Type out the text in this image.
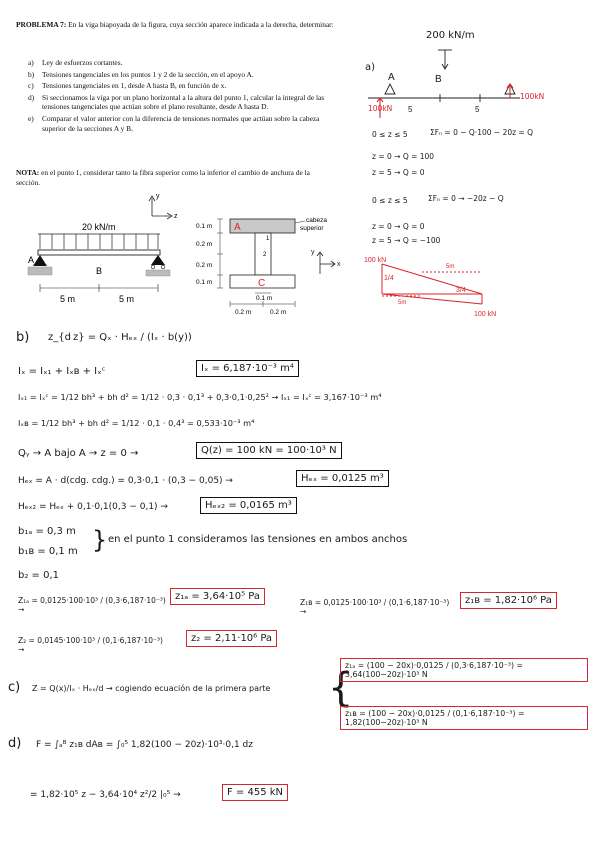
PROBLEMA 7: En la viga biapoyada de la figura, cuya sección aparece indicada a la derecha, determinar:
a)	Ley de esfuerzos cortantes.
b)	Tensiones tangenciales en los puntos 1 y 2 de la sección, en el apoyo A.
c)	Tensiones tangenciales en 1, desde A hasta B, en función de x.
d)	Si seccionamos la viga por un plano horizontal a la altura del punto 1, calcular la integral de las tensiones tangenciales que actúan sobre el plano resultante, desde A hasta D.
e)	Comparar el valor anterior con la diferencia de tensiones normales que actúan sobre la cabeza superior de la secciones A y B.
NOTA: en el punto 1, considerar tanto la fibra superior como la inferior el cambio de anchura de la sección.
y
z
20 kN/m
A
B
5 m	5 m
A
C
1
2
cabeza
superior
0.1 m
0.2 m
0.2 m
0.1 m
0.1 m
0.2 m	0.2 m
200 kN/m
a)
A	B
5	5
100kN
100kN
0 ≤ z ≤ 5	ΣFₙ = 0 − Q·100 − 20z = Q
z = 0 → Q = 100
z = 5 → Q = 0
0 ≤ z ≤ 5	ΣFₙ = 0 → −20z − Q
z = 0 → Q = 0
z = 5 → Q = −100
100 kN
100 kN
1/4
3/4
5m
5m
y
x
b) z_{d z} = Qₓ · Hₑₓ / (Iₓ · b(y))
Iₓ = Iₓ₁ + Iₓʙ + Iₓᶜ	Iₓ = 6,187·10⁻³ m⁴
Iₓ₁ = Iₓᶜ = 1/12 bh³ + bh d² = 1/12 · 0,3 · 0,1³ + 0,3·0,1·0,25² → Iₓ₁ = Iₓᶜ = 3,167·10⁻³ m⁴
Iₓʙ = 1/12 bh³ + bh d² = 1/12 · 0,1 · 0,4³ = 0,533·10⁻³ m⁴
Qᵧ → A bajo A → z = 0 →	Q(z) = 100 kN = 100·10³ N
Hₑₓ = A · d(cdg. cdg.) = 0,3·0,1 · (0,3 − 0,05) →	Hₑₓ = 0,0125 m³
Hₑₓ₂ = Hₑₓ + 0,1·0,1(0,3 − 0,1) →	Hₑₓ₂ = 0,0165 m³
b₁ₐ = 0,3 m
b₁ʙ = 0,1 m } en el punto 1 consideramos las tensiones en ambos anchos
b₂ = 0,1
Z₁ₐ = 0,0125·100·10³ / (0,3·6,187·10⁻³) →
z₁ₐ = 3,64·10⁵ Pa
Z₁ʙ = 0,0125·100·10³ / (0,1·6,187·10⁻³) →
z₁ʙ = 1,82·10⁶ Pa
Z₂ = 0,0145·100·10³ / (0,1·6,187·10⁻³) →
z₂ = 2,11·10⁶ Pa
c) Z = Q(x)/Iₓ · Hₑₓ/d → cogiendo ecuación de la primera parte	{
z₁ₐ = (100 − 20x)·0,0125 / (0,3·6,187·10⁻³) = 3,64(100−20z)·10³ N
z₁ʙ = (100 − 20x)·0,0125 / (0,1·6,187·10⁻³) = 1,82(100−20z)·10³ N
d) F = ∫ₐᴮ z₁ʙ dAʙ = ∫₀⁵ 1,82(100 − 20z)·10³·0,1 dz
= 1,82·10⁵ z − 3,64·10⁴ z²/2 |₀⁵ →	F = 455 kN
